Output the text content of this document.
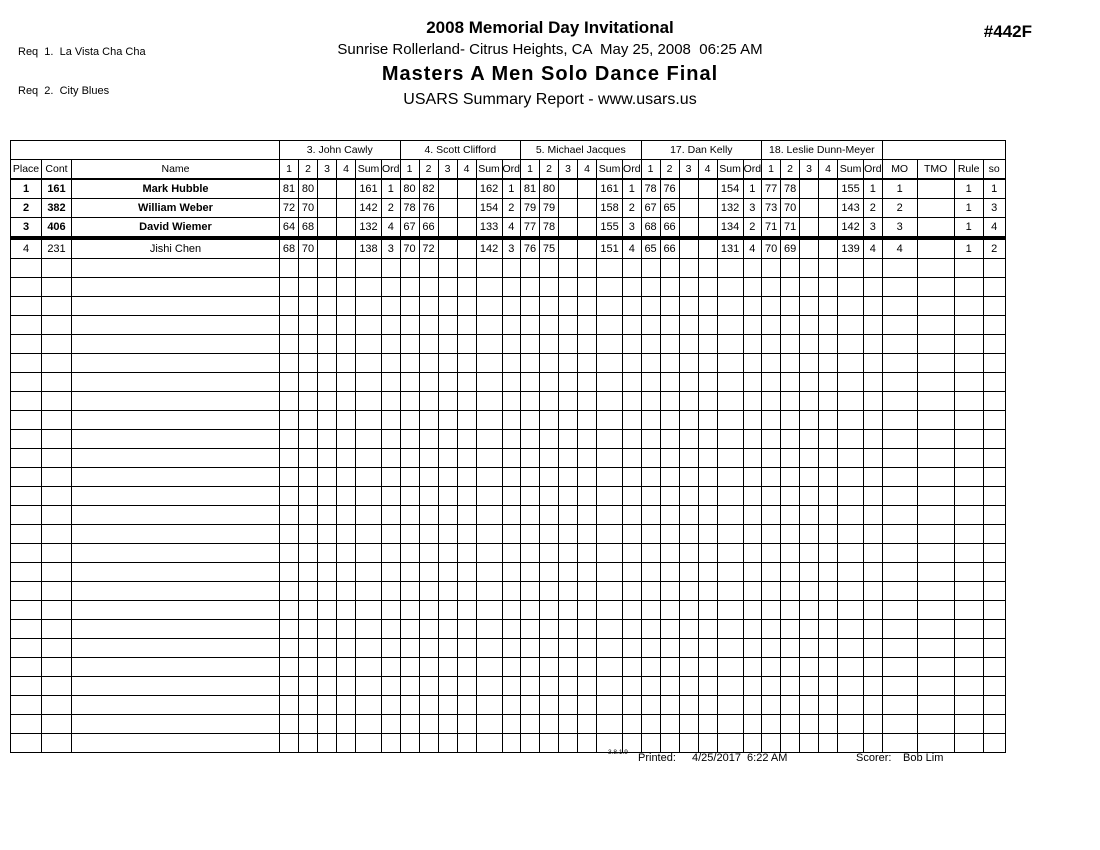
Req  1.  La Vista Cha Cha

Req  2.  City Blues

2008 Memorial Day Invitational
Sunrise Rollerland- Citrus Heights, CA  May 25, 2008  06:25 AM
Masters A Men Solo Dance Final
USARS Summary Report - www.usars.us
#442F
			3. John Cawly						4. Scott Clifford						5. Michael Jacques						17. Dan Kelly						18. Leslie Dunn-Meyer									
Place	Cont	Name	1	2	3	4	Sum	Ord	1	2	3	4	Sum	Ord	1	2	3	4	Sum	Ord	1	2	3	4	Sum	Ord	1	2	3	4	Sum	Ord	MO	TMO	Rule	so
1	161	Mark Hubble	81	80			161	1	80	82			162	1	81	80			161	1	78	76			154	1	77	78			155	1	1		1	1
2	382	William Weber	72	70			142	2	78	76			154	2	79	79			158	2	67	65			132	3	73	70			143	2	2		1	3
3	406	David Wiemer	64	68			132	4	67	66			133	4	77	78			155	3	68	66			134	2	71	71			142	3	3		1	4
4	231	Jishi Chen	68	70			138	3	70	72			142	3	76	75			151	4	65	66			131	4	70	69			139	4	4		1	2

3.8.1.9 Printed: 4/25/2017  6:22 AM	Scorer: Bob Lim
